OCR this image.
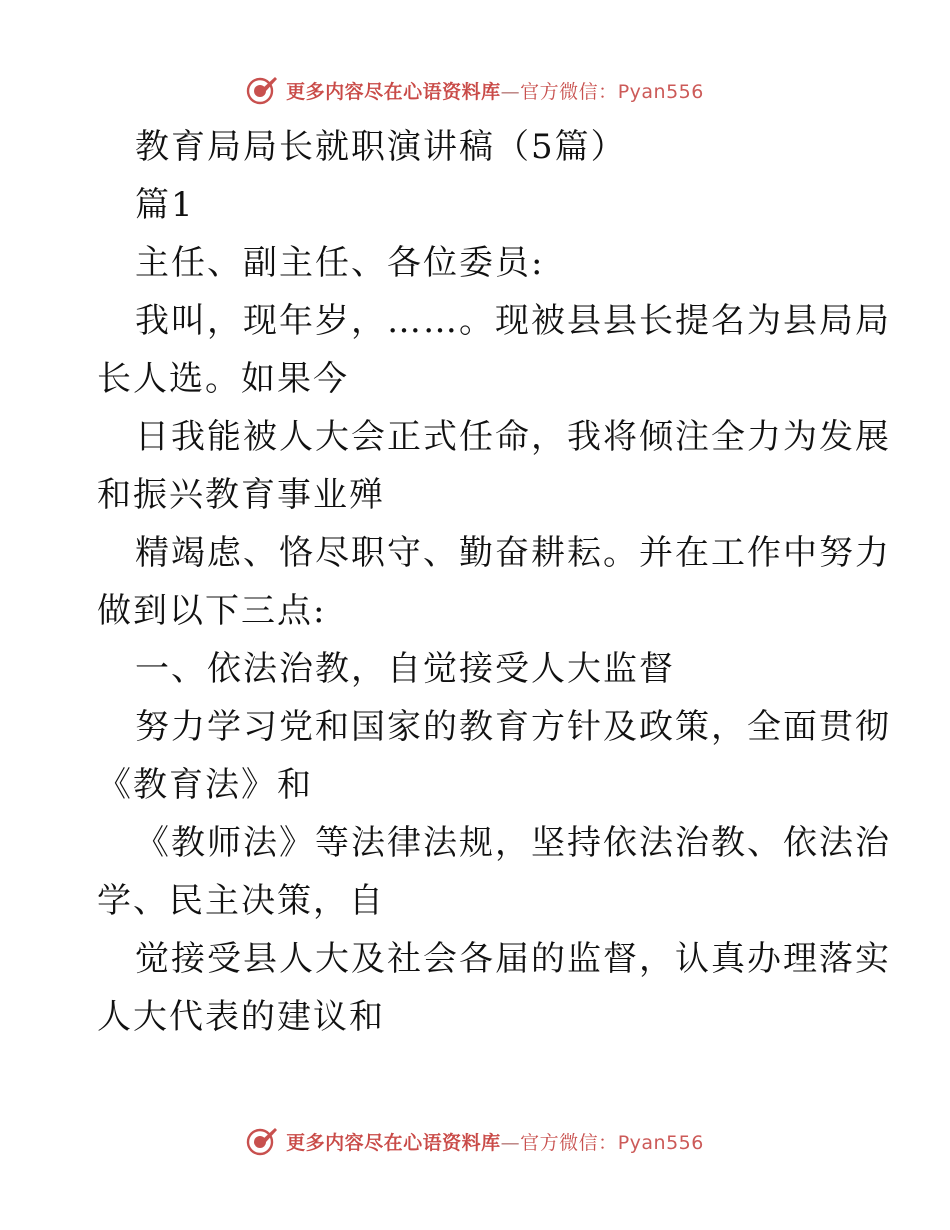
更多内容尽在心语资料库—官方微信：Pyan556
教育局局长就职演讲稿（5篇）
篇1
主任、副主任、各位委员:
我叫，现年岁，……。现被县县长提名为县局局
长人选。如果今
日我能被人大会正式任命，我将倾注全力为发展
和振兴教育事业殚
精竭虑、恪尽职守、勤奋耕耘。并在工作中努力
做到以下三点:
一、依法治教，自觉接受人大监督
努力学习党和国家的教育方针及政策，全面贯彻
《教育法》和
《教师法》等法律法规，坚持依法治教、依法治
学、民主决策，自
觉接受县人大及社会各届的监督，认真办理落实
人大代表的建议和
更多内容尽在心语资料库—官方微信：Pyan556
